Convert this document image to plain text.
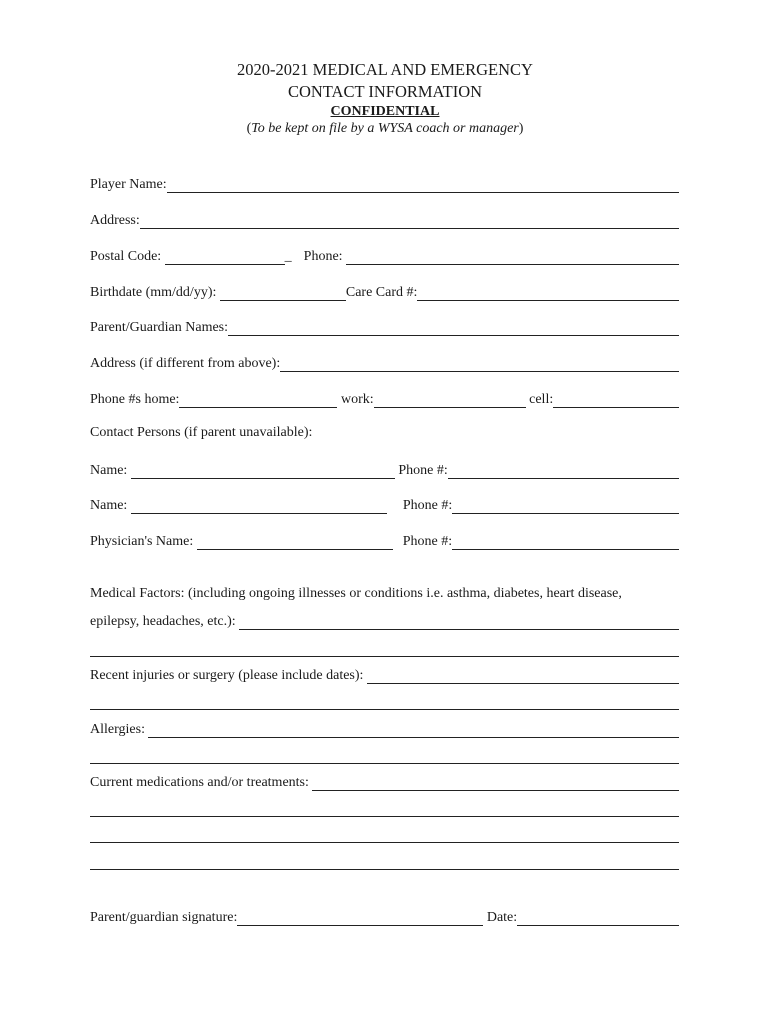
2020-2021 MEDICAL AND EMERGENCY
CONTACT INFORMATION
CONFIDENTIAL
(To be kept on file by a WYSA coach or manager)
Player Name:
Address:
Postal Code:	_ Phone:
Birthdate (mm/dd/yy):	Care Card #:
Parent/Guardian Names:
Address (if different from above):
Phone #s home:	work:	cell:
Contact Persons (if parent unavailable):
Name:	Phone #:
Name:	Phone #:
Physician's Name:	Phone #:
Medical Factors: (including ongoing illnesses or conditions i.e. asthma, diabetes, heart disease,
epilepsy, headaches, etc.):
Recent injuries or surgery (please include dates):
Allergies:
Current medications and/or treatments:
Parent/guardian signature:	Date:
